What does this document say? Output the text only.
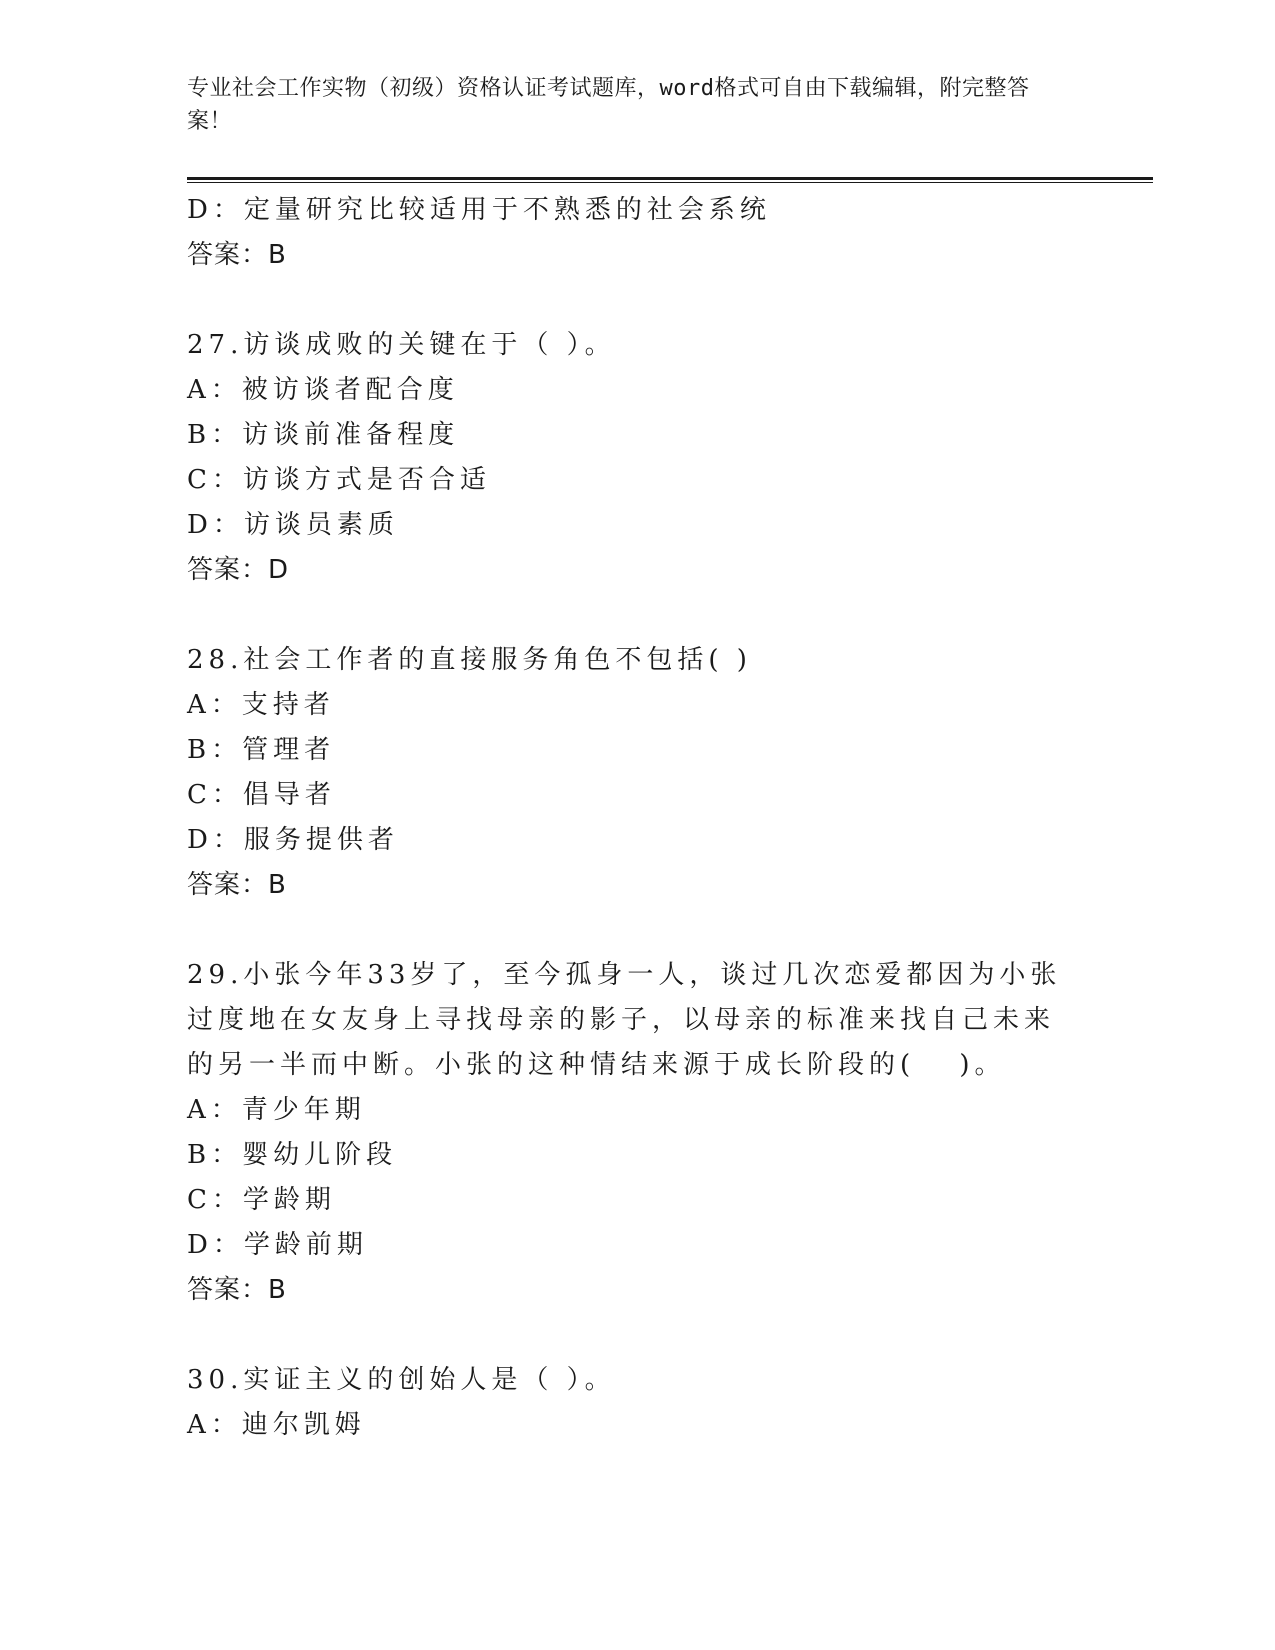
专业社会工作实物（初级）资格认证考试题库，word格式可自由下载编辑，附完整答案！
D：定量研究比较适用于不熟悉的社会系统
答案：B
27.访谈成败的关键在于（ ）。
A：被访谈者配合度
B：访谈前准备程度
C：访谈方式是否合适
D：访谈员素质
答案：D
28.社会工作者的直接服务角色不包括( )
A：支持者
B：管理者
C：倡导者
D：服务提供者
答案：B
29.小张今年33岁了，至今孤身一人，谈过几次恋爱都因为小张过度地在女友身上寻找母亲的影子，以母亲的标准来找自己未来的另一半而中断。小张的这种情结来源于成长阶段的(　 )。
A：青少年期
B：婴幼儿阶段
C：学龄期
D：学龄前期
答案：B
30.实证主义的创始人是（ ）。
A：迪尔凯姆
